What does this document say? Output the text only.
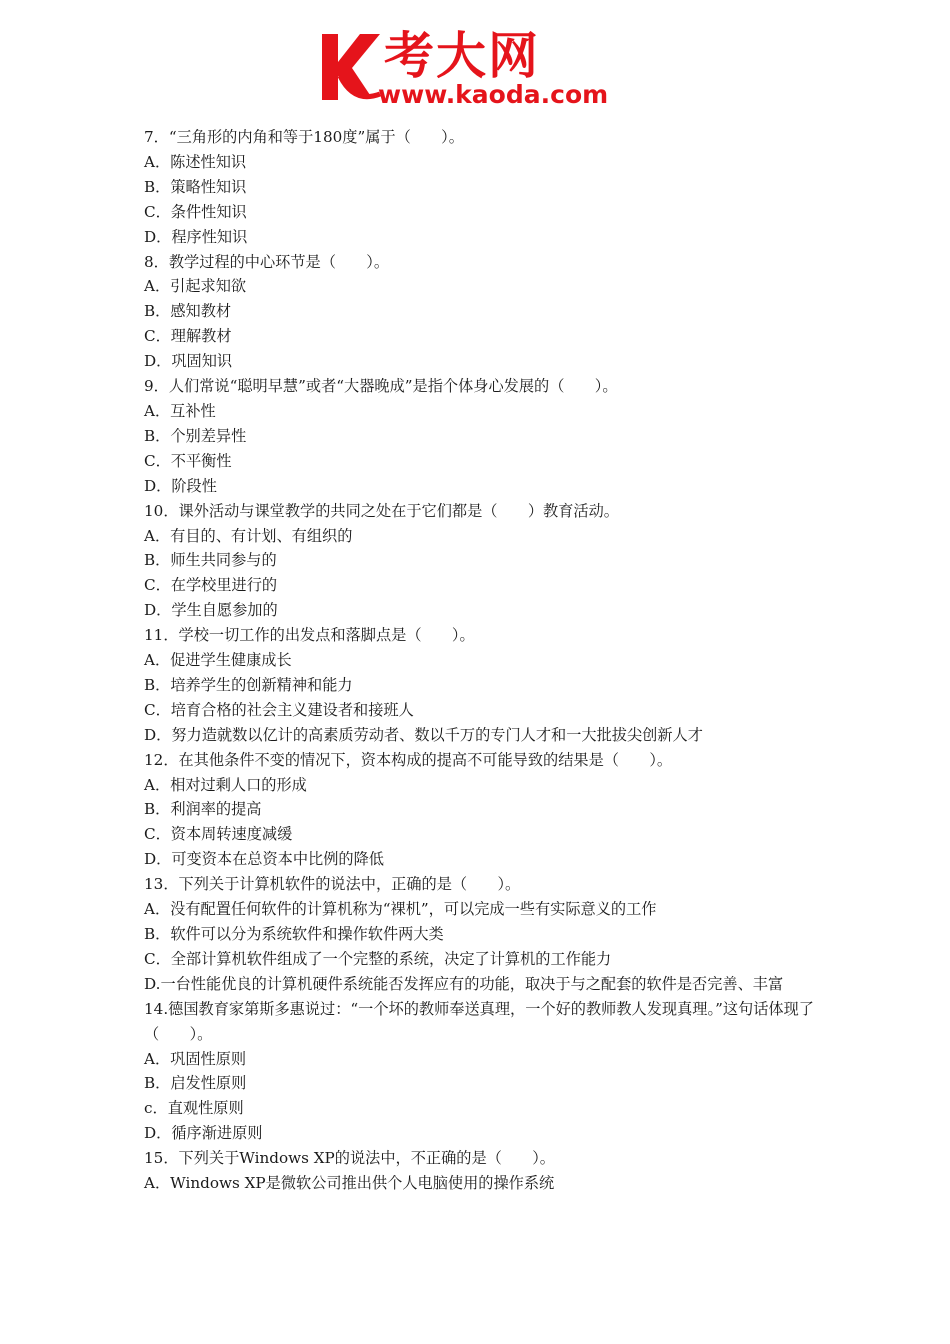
考大网
www.kaoda.com

7．“三角形的内角和等于180度”属于（　　）。

A．陈述性知识

B．策略性知识

C．条件性知识

D．程序性知识

8．教学过程的中心环节是（　　）。

A．引起求知欲

B．感知教材

C．理解教材

D．巩固知识

9．人们常说“聪明早慧”或者“大器晚成”是指个体身心发展的（　　）。

A．互补性

B．个别差异性

C．不平衡性

D．阶段性

10．课外活动与课堂教学的共同之处在于它们都是（　　）教育活动。

A．有目的、有计划、有组织的

B．师生共同参与的

C．在学校里进行的

D．学生自愿参加的

11．学校一切工作的出发点和落脚点是（　　）。

A．促进学生健康成长

B．培养学生的创新精神和能力

C．培育合格的社会主义建设者和接班人

D．努力造就数以亿计的高素质劳动者、数以千万的专门人才和一大批拔尖创新人才

12．在其他条件不变的情况下，资本构成的提高不可能导致的结果是（　　）。

A．相对过剩人口的形成

B．利润率的提高

C．资本周转速度减缓

D．可变资本在总资本中比例的降低

13．下列关于计算机软件的说法中，正确的是（　　）。

A．没有配置任何软件的计算机称为“裸机”，可以完成一些有实际意义的工作

B．软件可以分为系统软件和操作软件两大类

C．全部计算机软件组成了一个完整的系统，决定了计算机的工作能力

D.一台性能优良的计算机硬件系统能否发挥应有的功能，取决于与之配套的软件是否完善、丰富

14.德国教育家第斯多惠说过：“一个坏的教师奉送真理，一个好的教师教人发现真理。”这句话体现了（　　）。

A．巩固性原则

B．启发性原则

c．直观性原则

D．循序渐进原则

15．下列关于Windows XP的说法中，不正确的是（　　）。

A．Windows XP是微软公司推出供个人电脑使用的操作系统
